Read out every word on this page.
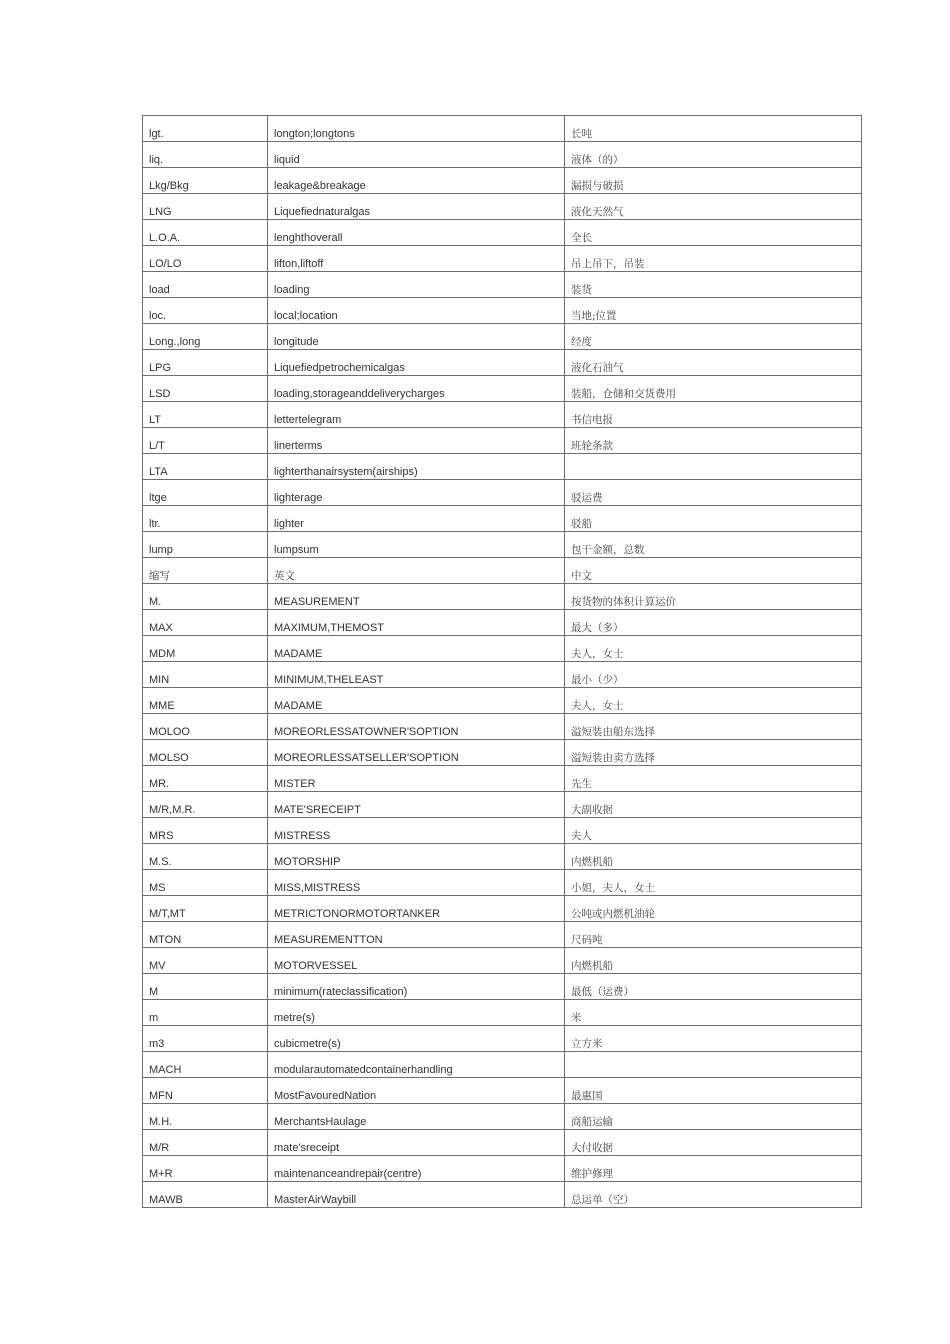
lgt.	longton;longtons	长吨
liq.	liquid	液体（的）
Lkg/Bkg	leakage&breakage	漏损与破损
LNG	Liquefiednaturalgas	液化天然气
L.O.A.	lenghthoverall	全长
LO/LO	lifton,liftoff	吊上吊下，吊装
load	loading	装货
loc.	local;location	当地;位置
Long.,long	longitude	经度
LPG	Liquefiedpetrochemicalgas	液化石油气
LSD	loading,storageanddeliverycharges	装船，仓储和交货费用
LT	lettertelegram	书信电报
L/T	linerterms	班轮条款
LTA	lighterthanairsystem(airships)	
ltge	lighterage	驳运费
ltr.	lighter	驳船
lump	lumpsum	包干金额，总数
缩写	英文	中文
M.	MEASUREMENT	按货物的体积计算运价
MAX	MAXIMUM,THEMOST	最大（多）
MDM	MADAME	夫人，女士
MIN	MINIMUM,THELEAST	最小（少）
MME	MADAME	夫人，女士
MOLOO	MOREORLESSATOWNER'SOPTION	溢短装由船东选择
MOLSO	MOREORLESSATSELLER'SOPTION	溢短装由卖方选择
MR.	MISTER	先生
M/R,M.R.	MATE'SRECEIPT	大副收据
MRS	MISTRESS	夫人
M.S.	MOTORSHIP	内燃机船
MS	MISS,MISTRESS	小姐，夫人，女士
M/T,MT	METRICTONORMOTORTANKER	公吨或内燃机油轮
MTON	MEASUREMENTTON	尺码吨
MV	MOTORVESSEL	内燃机船
M	minimum(rateclassification)	最低（运费）
m	metre(s)	米
m3	cubicmetre(s)	立方米
MACH	modularautomatedcontainerhandling	
MFN	MostFavouredNation	最惠国
M.H.	MerchantsHaulage	商船运输
M/R	mate'sreceipt	大付收据
M+R	maintenanceandrepair(centre)	维护修理
MAWB	MasterAirWaybill	总运单（空）
